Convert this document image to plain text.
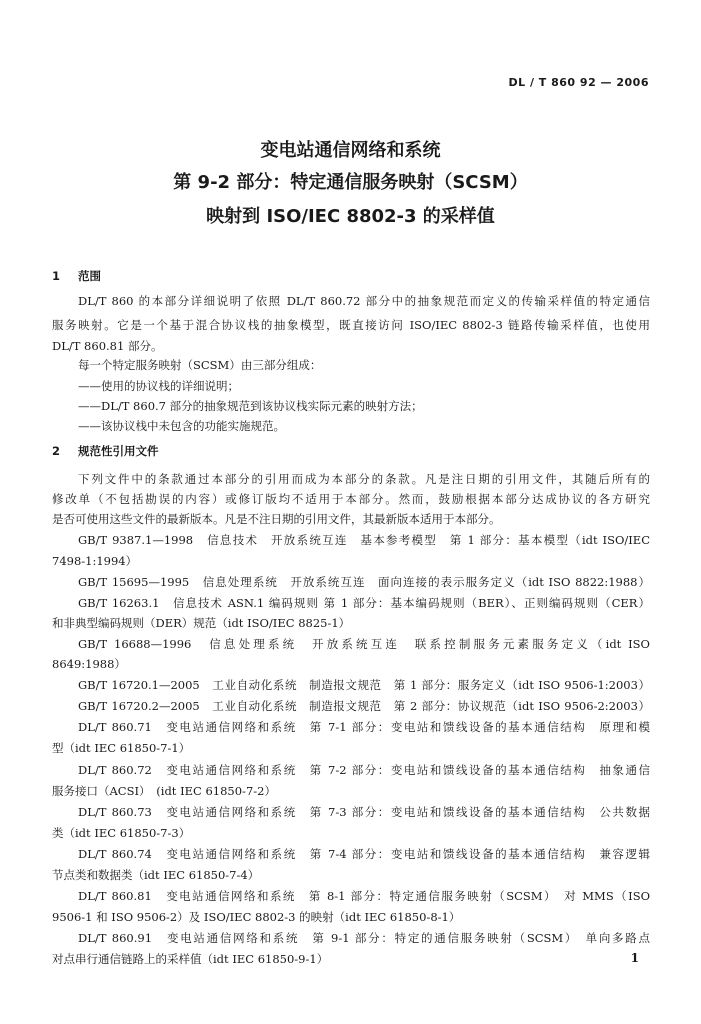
DL / T 860 92 — 2006
变电站通信网络和系统
第 9-2 部分：特定通信服务映射（SCSM）
映射到 ISO/IEC 8802-3 的采样值
1 范围
DL/T 860 的本部分详细说明了依照 DL/T 860.72 部分中的抽象规范而定义的传输采样值的特定通信
服务映射。它是一个基于混合协议栈的抽象模型，既直接访问 ISO/IEC 8802-3 链路传输采样值，也使用
DL/T 860.81 部分。
每一个特定服务映射（SCSM）由三部分组成：
——使用的协议栈的详细说明；
——DL/T 860.7 部分的抽象规范到该协议栈实际元素的映射方法；
——该协议栈中未包含的功能实施规范。
2 规范性引用文件
下列文件中的条款通过本部分的引用而成为本部分的条款。凡是注日期的引用文件，其随后所有的
修改单（不包括勘误的内容）或修订版均不适用于本部分。然而，鼓励根据本部分达成协议的各方研究
是否可使用这些文件的最新版本。凡是不注日期的引用文件，其最新版本适用于本部分。
GB/T 9387.1—1998　信息技术　开放系统互连　基本参考模型　第 1 部分：基本模型（idt ISO/IEC
7498-1:1994）
GB/T 15695—1995　信息处理系统　开放系统互连　面向连接的表示服务定义（idt ISO 8822:1988）
GB/T 16263.1　信息技术 ASN.1 编码规则 第 1 部分：基本编码规则（BER）、正则编码规则（CER）
和非典型编码规则（DER）规范（idt ISO/IEC 8825-1）
GB/T 16688—1996　信息处理系统　开放系统互连　联系控制服务元素服务定义（idt ISO
8649:1988）
GB/T 16720.1—2005　工业自动化系统　制造报文规范　第 1 部分：服务定义（idt ISO 9506-1:2003）
GB/T 16720.2—2005　工业自动化系统　制造报文规范　第 2 部分：协议规范（idt ISO 9506-2:2003）
DL/T 860.71　变电站通信网络和系统　第 7-1 部分：变电站和馈线设备的基本通信结构　原理和模
型（idt IEC 61850-7-1）
DL/T 860.72　变电站通信网络和系统　第 7-2 部分：变电站和馈线设备的基本通信结构　抽象通信
服务接口（ACSI）　(idt IEC 61850-7-2）
DL/T 860.73　变电站通信网络和系统　第 7-3 部分：变电站和馈线设备的基本通信结构　公共数据
类（idt IEC 61850-7-3）
DL/T 860.74　变电站通信网络和系统　第 7-4 部分：变电站和馈线设备的基本通信结构　兼容逻辑
节点类和数据类（idt IEC 61850-7-4）
DL/T 860.81　变电站通信网络和系统　第 8-1 部分：特定通信服务映射（SCSM）　对 MMS（ISO
9506-1 和 ISO 9506-2）及 ISO/IEC 8802-3 的映射（idt IEC 61850-8-1）
DL/T 860.91　变电站通信网络和系统　第 9-1 部分：特定的通信服务映射（SCSM）　单向多路点
对点串行通信链路上的采样值（idt IEC 61850-9-1）	1
